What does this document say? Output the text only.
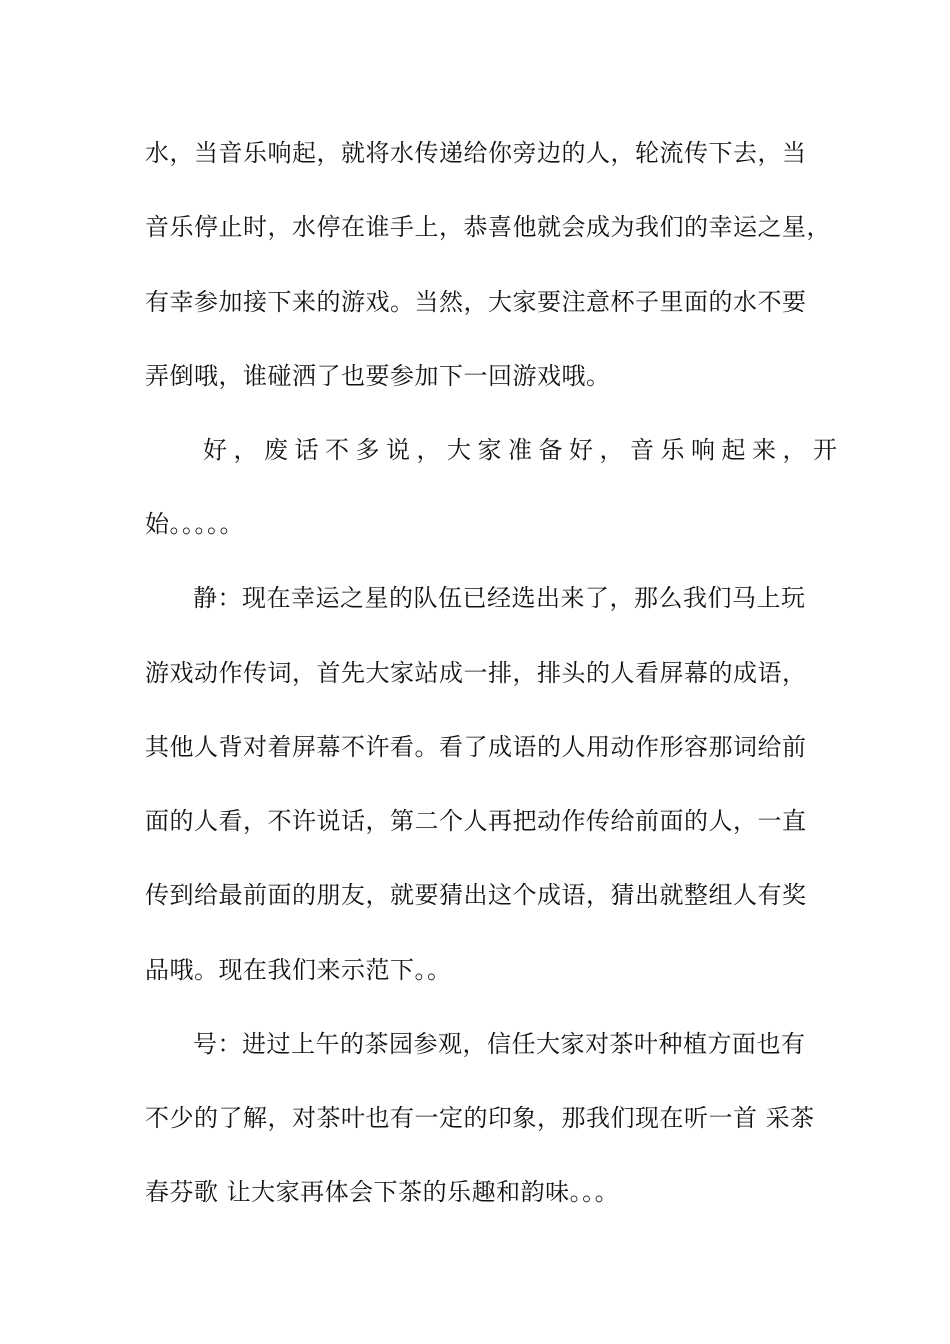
水，当音乐响起，就将水传递给你旁边的人，轮流传下去，当
音乐停止时，水停在谁手上，恭喜他就会成为我们的幸运之星，
有幸参加接下来的游戏。当然，大家要注意杯子里面的水不要
弄倒哦，谁碰洒了也要参加下一回游戏哦。
好，废话不多说，大家准备好，音乐响起来，开
始。。。。。
静：现在幸运之星的队伍已经选出来了，那么我们马上玩
游戏动作传词，首先大家站成一排，排头的人看屏幕的成语，
其他人背对着屏幕不许看。看了成语的人用动作形容那词给前
面的人看，不许说话，第二个人再把动作传给前面的人，一直
传到给最前面的朋友，就要猜出这个成语，猜出就整组人有奖
品哦。现在我们来示范下。。
号：进过上午的茶园参观，信任大家对茶叶种植方面也有
不少的了解，对茶叶也有一定的印象，那我们现在听一首 采茶
春芬歌 让大家再体会下茶的乐趣和韵味。。。
